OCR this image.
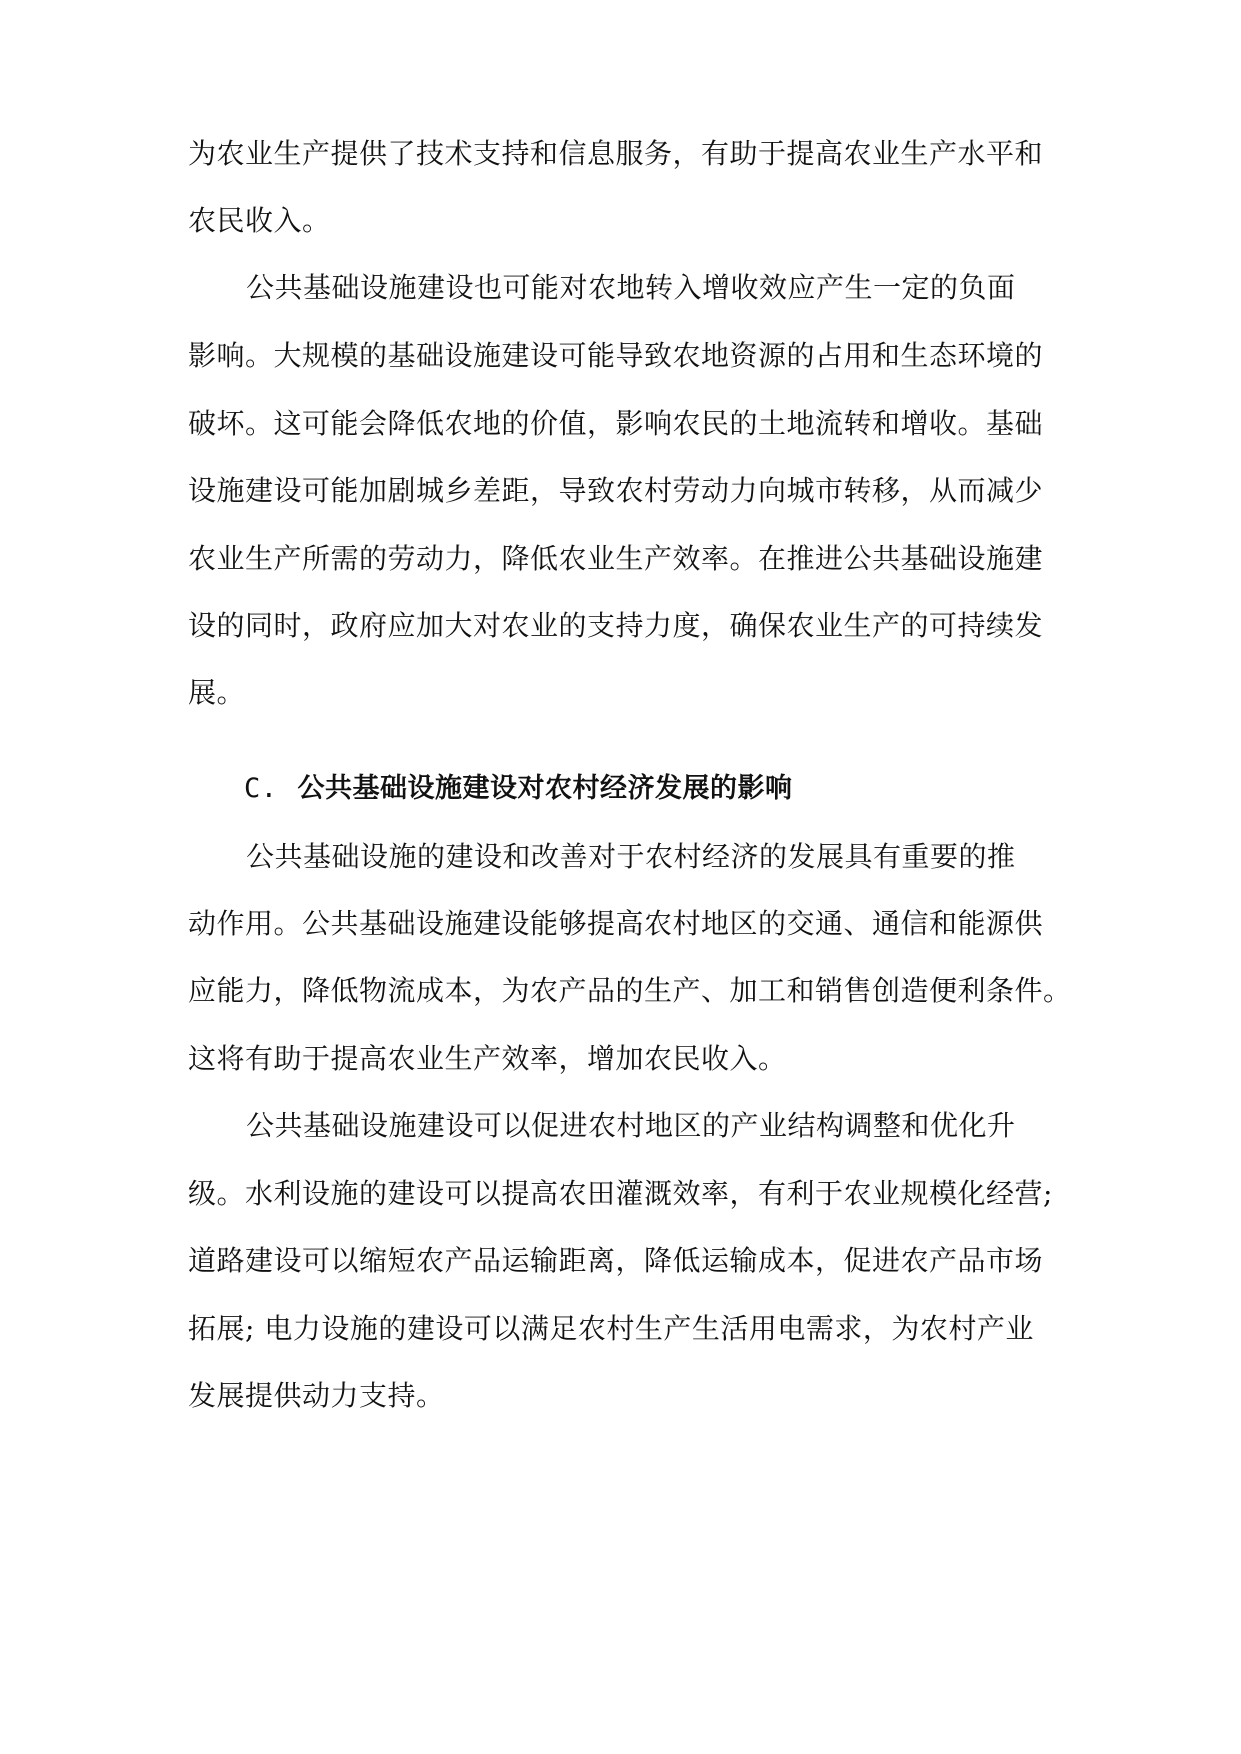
为农业生产提供了技术支持和信息服务，有助于提高农业生产水平和
农民收入。
公共基础设施建设也可能对农地转入增收效应产生一定的负面
影响。大规模的基础设施建设可能导致农地资源的占用和生态环境的
破坏。这可能会降低农地的价值，影响农民的土地流转和增收。基础
设施建设可能加剧城乡差距，导致农村劳动力向城市转移，从而减少
农业生产所需的劳动力，降低农业生产效率。在推进公共基础设施建
设的同时，政府应加大对农业的支持力度，确保农业生产的可持续发
展。
C. 公共基础设施建设对农村经济发展的影响
公共基础设施的建设和改善对于农村经济的发展具有重要的推
动作用。公共基础设施建设能够提高农村地区的交通、通信和能源供
应能力，降低物流成本，为农产品的生产、加工和销售创造便利条件。
这将有助于提高农业生产效率，增加农民收入。
公共基础设施建设可以促进农村地区的产业结构调整和优化升
级。水利设施的建设可以提高农田灌溉效率，有利于农业规模化经营;
道路建设可以缩短农产品运输距离，降低运输成本，促进农产品市场
拓展; 电力设施的建设可以满足农村生产生活用电需求，为农村产业
发展提供动力支持。
